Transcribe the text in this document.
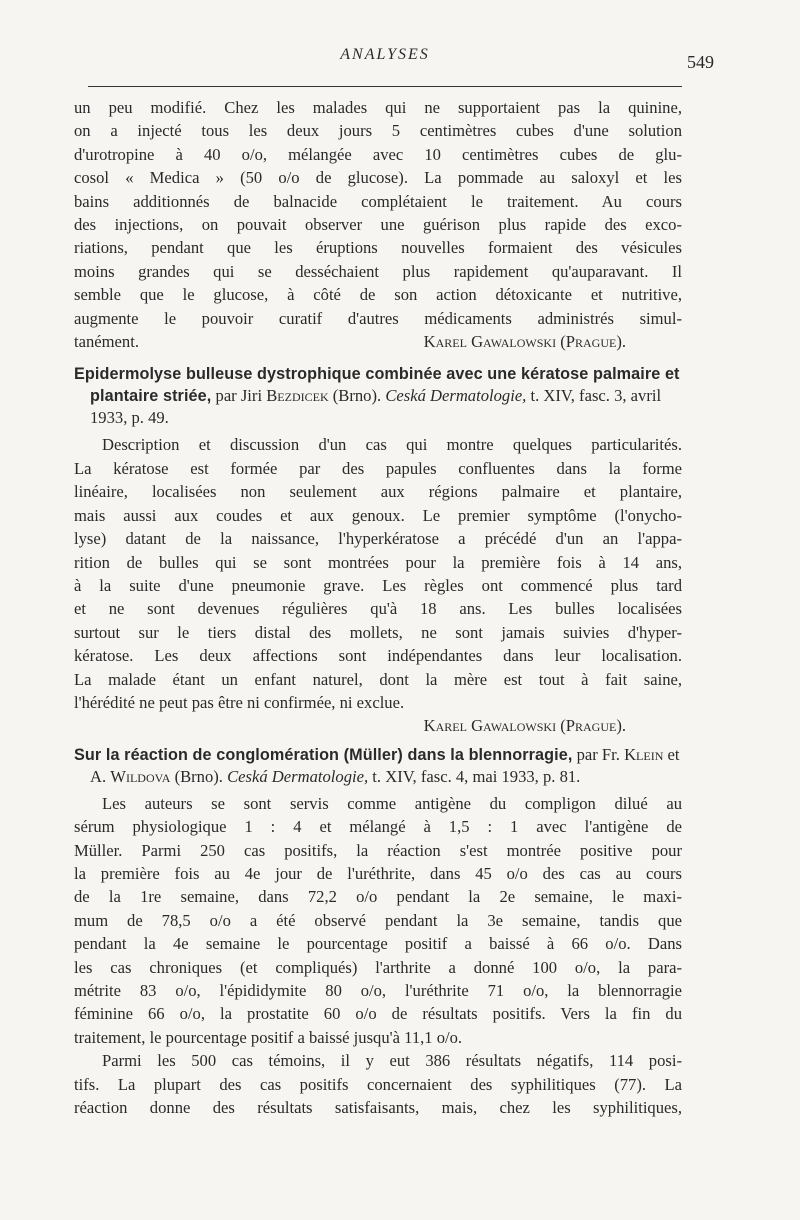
ANALYSES	549

un peu modifié. Chez les malades qui ne supportaient pas la quinine,

on a injecté tous les deux jours 5 centimètres cubes d'une solution

d'urotropine à 40 o/o, mélangée avec 10 centimètres cubes de glu-

cosol « Medica » (50 o/o de glucose). La pommade au saloxyl et les

bains additionnés de balnacide complétaient le traitement. Au cours

des injections, on pouvait observer une guérison plus rapide des exco-

riations, pendant que les éruptions nouvelles formaient des vésicules

moins grandes qui se desséchaient plus rapidement qu'auparavant. Il

semble que le glucose, à côté de son action détoxicante et nutritive,

augmente le pouvoir curatif d'autres médicaments administrés simul-

tanément.	Karel Gawalowski (Prague).

Epidermolyse bulleuse dystrophique combinée avec une kératose palmaire et plantaire striée, par Jiri Bezdicek (Brno). Ceská Dermatologie, t. XIV, fasc. 3, avril 1933, p. 49.

Description et discussion d'un cas qui montre quelques particularités.

La kératose est formée par des papules confluentes dans la forme

linéaire, localisées non seulement aux régions palmaire et plantaire,

mais aussi aux coudes et aux genoux. Le premier symptôme (l'onycho-

lyse) datant de la naissance, l'hyperkératose a précédé d'un an l'appa-

rition de bulles qui se sont montrées pour la première fois à 14 ans,

à la suite d'une pneumonie grave. Les règles ont commencé plus tard

et ne sont devenues régulières qu'à 18 ans. Les bulles localisées

surtout sur le tiers distal des mollets, ne sont jamais suivies d'hyper-

kératose. Les deux affections sont indépendantes dans leur localisation.

La malade étant un enfant naturel, dont la mère est tout à fait saine,

l'hérédité ne peut pas être ni confirmée, ni exclue.

Karel Gawalowski (Prague).

Sur la réaction de conglomération (Müller) dans la blennorragie, par Fr. Klein et A. Wildova (Brno). Ceská Dermatologie, t. XIV, fasc. 4, mai 1933, p. 81.

Les auteurs se sont servis comme antigène du compligon dilué au

sérum physiologique 1 : 4 et mélangé à 1,5 : 1 avec l'antigène de

Müller. Parmi 250 cas positifs, la réaction s'est montrée positive pour

la première fois au 4e jour de l'uréthrite, dans 45 o/o des cas au cours

de la 1re semaine, dans 72,2 o/o pendant la 2e semaine, le maxi-

mum de 78,5 o/o a été observé pendant la 3e semaine, tandis que

pendant la 4e semaine le pourcentage positif a baissé à 66 o/o. Dans

les cas chroniques (et compliqués) l'arthrite a donné 100 o/o, la para-

métrite 83 o/o, l'épididymite 80 o/o, l'uréthrite 71 o/o, la blennorragie

féminine 66 o/o, la prostatite 60 o/o de résultats positifs. Vers la fin du

traitement, le pourcentage positif a baissé jusqu'à 11,1 o/o.

Parmi les 500 cas témoins, il y eut 386 résultats négatifs, 114 posi-

tifs. La plupart des cas positifs concernaient des syphilitiques (77). La

réaction donne des résultats satisfaisants, mais, chez les syphilitiques,
